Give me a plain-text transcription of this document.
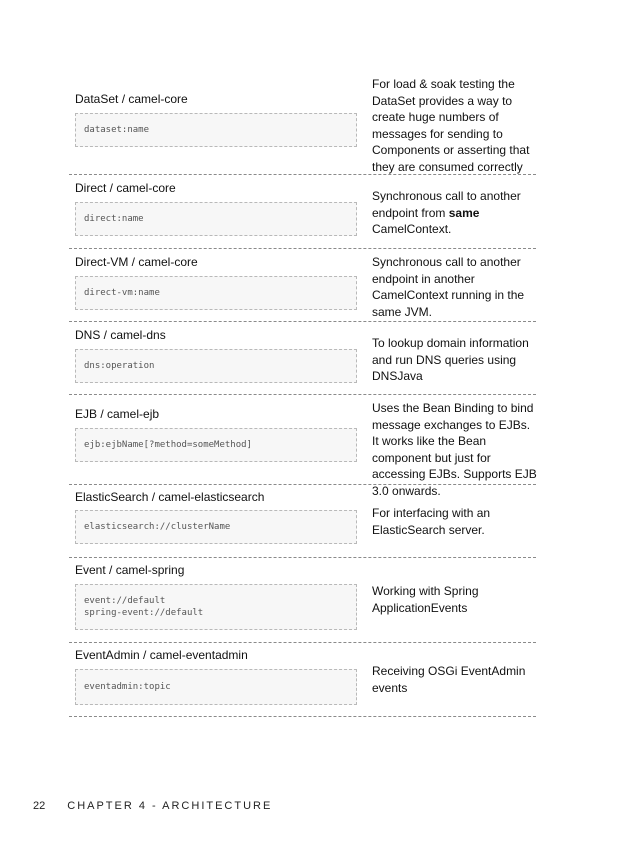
DataSet / camel-core
dataset:name
For load & soak testing the DataSet provides a way to create huge numbers of messages for sending to Components or asserting that they are consumed correctly
Direct / camel-core
direct:name
Synchronous call to another endpoint from same CamelContext.
Direct-VM / camel-core
direct-vm:name
Synchronous call to another endpoint in another CamelContext running in the same JVM.
DNS / camel-dns
dns:operation
To lookup domain information and run DNS queries using DNSJava
EJB / camel-ejb
ejb:ejbName[?method=someMethod]
Uses the Bean Binding to bind message exchanges to EJBs. It works like the Bean component but just for accessing EJBs. Supports EJB 3.0 onwards.
ElasticSearch / camel-elasticsearch
elasticsearch://clusterName
For interfacing with an ElasticSearch server.
Event / camel-spring
event://default
spring-event://default
Working with Spring ApplicationEvents
EventAdmin / camel-eventadmin
eventadmin:topic
Receiving OSGi EventAdmin events
22 CHAPTER 4 - ARCHITECTURE
